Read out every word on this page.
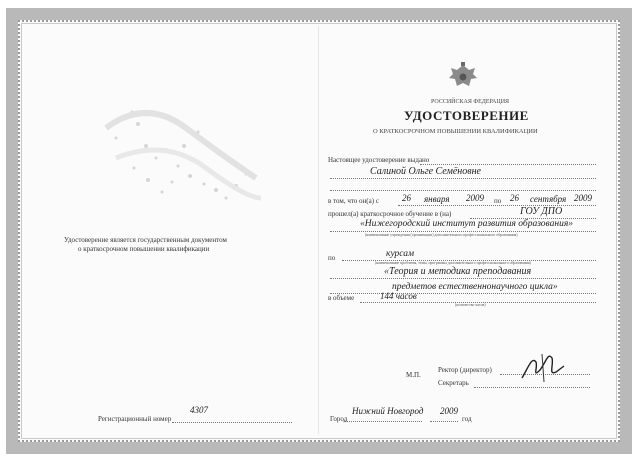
РОССИЙСКАЯ ФЕДЕРАЦИЯ
УДОСТОВЕРЕНИЕ
О КРАТКОСРОЧНОМ ПОВЫШЕНИИ КВАЛИФИКАЦИИ
Удостоверение является государственным документом
о краткосрочном повышении квалификации
Настоящее удостоверение выдано
Салиной Ольге Семёновне
в том, что он(а) с	26 января 2009 по 26 сентября 2009
прошел(а) краткосрочное обучение в (на)	ГОУ ДПО
«Нижегородский институт развития образования»
(наименование учреждения (организации) дополнительного профессионального образования)
по	курсам
(наименование проблемы, темы, программы дополнительного профессионального образования)
«Теория и методика преподавания
предметов естественнонаучного цикла»
в объеме	144 часов
(количество часов)
М.П.
Ректор (директор)
Секретарь
Регистрационный номер
4307
Город
Нижний Новгород 2009
год
